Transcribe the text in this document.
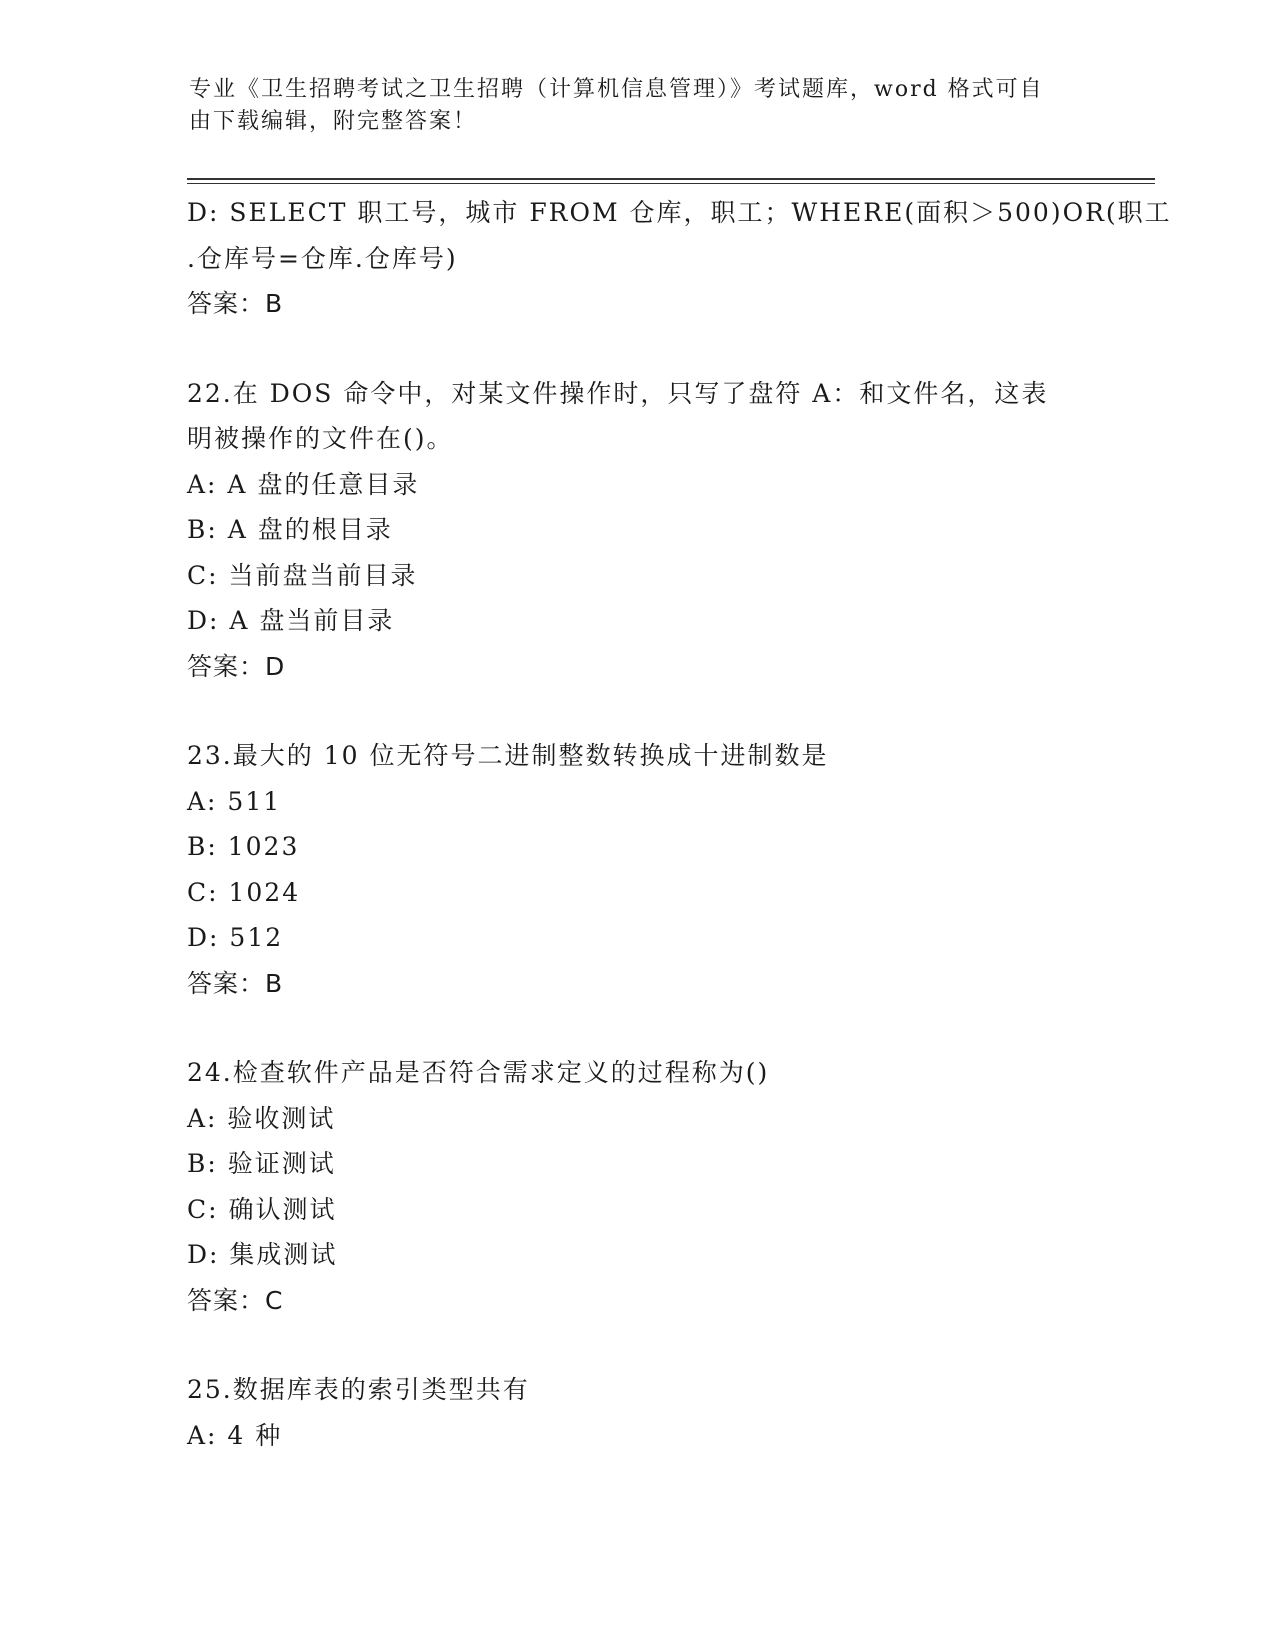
专业《卫生招聘考试之卫生招聘（计算机信息管理）》考试题库，word 格式可自
由下载编辑，附完整答案！
D: SELECT 职工号，城市 FROM 仓库，职工；WHERE(面积＞500)OR(职工
.仓库号=仓库.仓库号)
答案：B
22.在 DOS 命令中，对某文件操作时，只写了盘符 A：和文件名，这表
明被操作的文件在()。
A: A 盘的任意目录
B: A 盘的根目录
C: 当前盘当前目录
D: A 盘当前目录
答案：D
23.最大的 10 位无符号二进制整数转换成十进制数是
A: 511
B: 1023
C: 1024
D: 512
答案：B
24.检查软件产品是否符合需求定义的过程称为()
A: 验收测试
B: 验证测试
C: 确认测试
D: 集成测试
答案：C
25.数据库表的索引类型共有
A: 4 种
